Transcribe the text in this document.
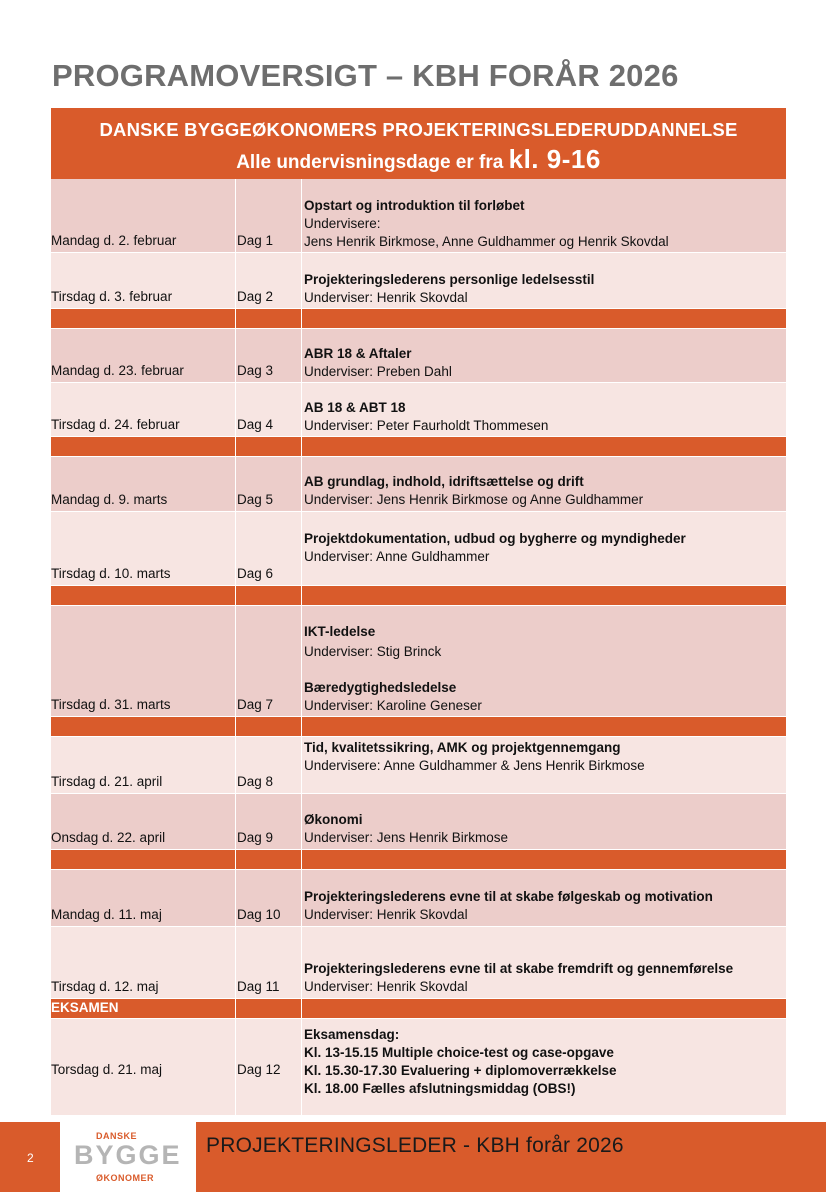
PROGRAMOVERSIGT – KBH FORÅR 2026
DANSKE BYGGEØKONOMERS PROJEKTERINGSLEDERUDDANNELSE
Alle undervisningsdage er fra kl. 9-16
Mandag d. 2. februar	Dag 1
Opstart og introduktion til forløbet
Undervisere:
Jens Henrik Birkmose, Anne Guldhammer og Henrik Skovdal
Tirsdag d. 3. februar	Dag 2
Projekteringslederens personlige ledelsesstil
Underviser: Henrik Skovdal
Mandag d. 23. februar	Dag 3
ABR 18 & Aftaler
Underviser: Preben Dahl
Tirsdag d. 24. februar	Dag 4
AB 18 & ABT 18
Underviser: Peter Faurholdt Thommesen
Mandag d. 9. marts	Dag 5
AB grundlag, indhold, idriftsættelse og drift
Underviser: Jens Henrik Birkmose og Anne Guldhammer
Tirsdag d. 10. marts	Dag 6
Projektdokumentation, udbud og bygherre og myndigheder
Underviser: Anne Guldhammer
Tirsdag d. 31. marts	Dag 7
IKT-ledelse
Underviser: Stig Brinck
Bæredygtighedsledelse
Underviser: Karoline Geneser
Tirsdag d. 21. april	Dag 8
Tid, kvalitetssikring, AMK og projektgennemgang
Undervisere: Anne Guldhammer & Jens Henrik Birkmose
Onsdag d. 22. april	Dag 9
Økonomi
Underviser: Jens Henrik Birkmose
Mandag d. 11. maj	Dag 10
Projekteringslederens evne til at skabe følgeskab og motivation
Underviser: Henrik Skovdal
Tirsdag d. 12. maj	Dag 11
Projekteringslederens evne til at skabe fremdrift og gennemførelse
Underviser: Henrik Skovdal
EKSAMEN
Torsdag d. 21. maj	Dag 12
Eksamensdag:
Kl. 13-15.15 Multiple choice-test og case-opgave
Kl. 15.30-17.30 Evaluering + diplomoverrækkelse
Kl. 18.00 Fælles afslutningsmiddag (OBS!)
2
DANSKE
BYGGE
ØKONOMER
PROJEKTERINGSLEDER - KBH forår 2026
